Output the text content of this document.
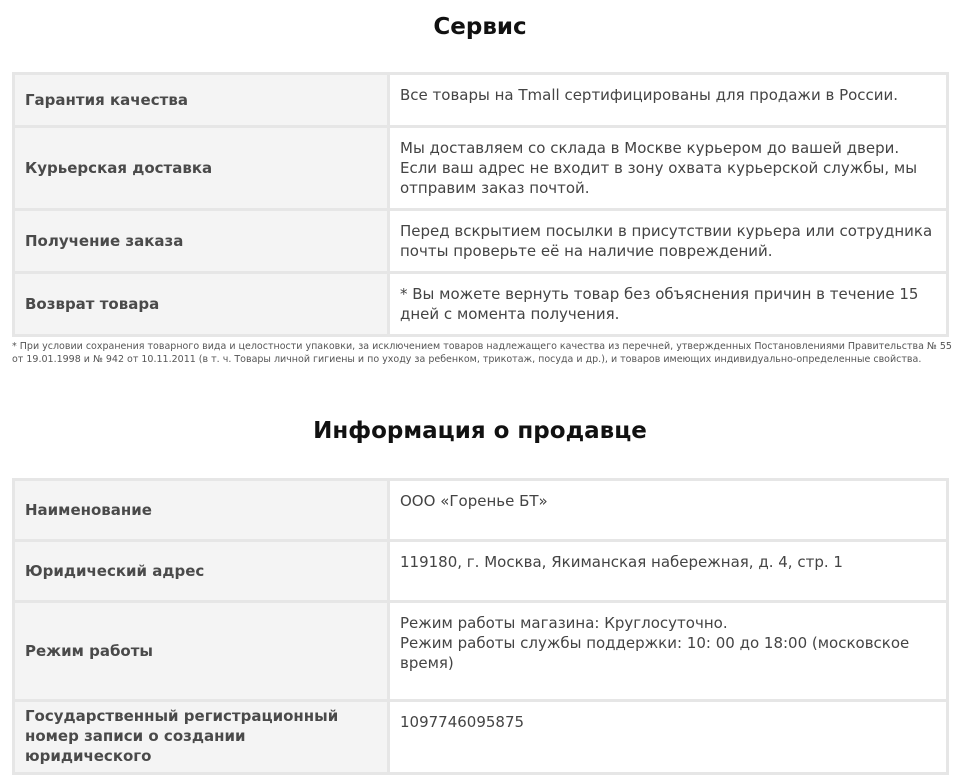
Сервис
Гарантия качества	Все товары на Tmall сертифицированы для продажи в России.
Курьерская доставка	Мы доставляем со склада в Москве курьером до вашей двери. Если ваш адрес не входит в зону охвата курьерской службы, мы отправим заказ почтой.
Получение заказа	Перед вскрытием посылки в присутствии курьера или сотрудника почты проверьте её на наличие повреждений.
Возврат товара	* Вы можете вернуть товар без объяснения причин в течение 15 дней с момента получения.

* При условии сохранения товарного вида и целостности упаковки, за исключением товаров надлежащего качества из перечней, утвержденных Постановлениями Правительства № 55 от 19.01.1998 и № 942 от 10.11.2011 (в т. ч. Товары личной гигиены и по уходу за ребенком, трикотаж, посуда и др.), и товаров имеющих индивидуально-определенные свойства.

Информация о продавце
Наименование	ООО «Горенье БТ»
Юридический адрес	119180, г. Москва, Якиманская набережная, д. 4, стр. 1
Режим работы	Режим работы магазина: Круглосуточно.
Режим работы службы поддержки: 10: 00 до 18:00 (московское время)

Государственный регистрационный номер записи о создании юридического	1097746095875
